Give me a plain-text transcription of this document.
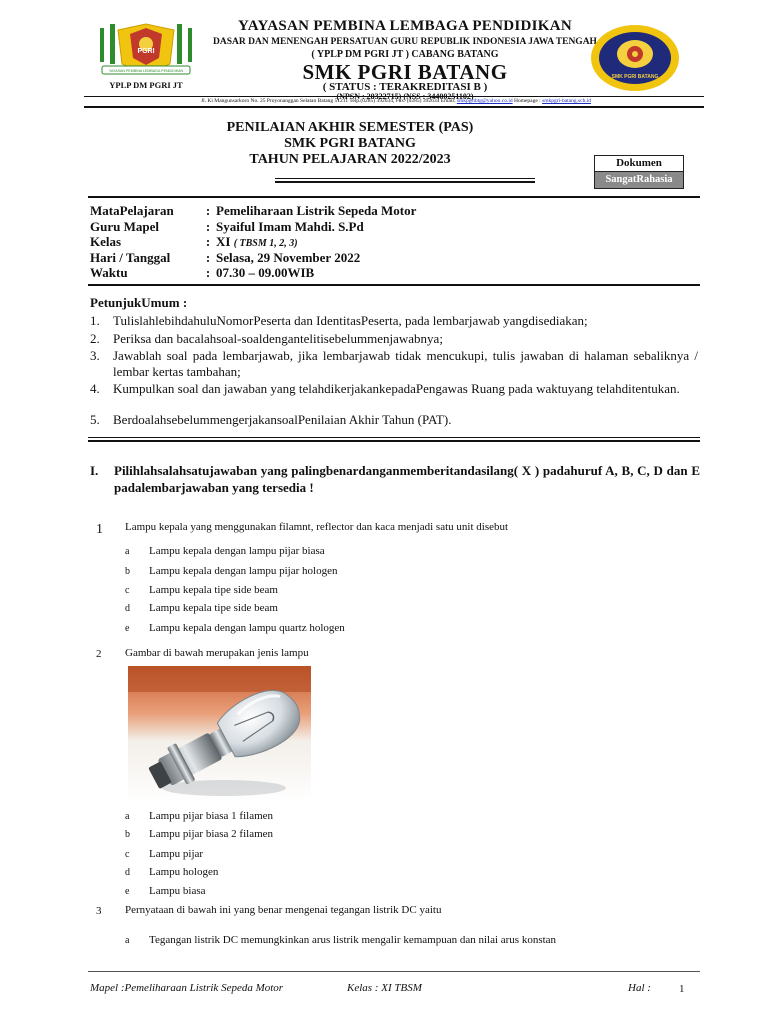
PGRI
YAYASAN PEMBINA LEMBAGA PENDIDIKAN
YPLP DM PGRI JT
YAYASAN PEMBINA LEMBAGA PENDIDIKAN
DASAR DAN MENENGAH PERSATUAN GURU REPUBLIK INDONESIA JAWA TENGAH
( YPLP DM PGRI JT ) CABANG BATANG
SMK PGRI BATANG
( STATUS : TERAKREDITASI B )
SMK PGRI BATANG
Jl. Ki Mangunsarkoro No. 25 Proyonanggan Selatan Batang 51211 Telp.(0285) 392634, Fax: (0285) 392634 Email: smkpgribtg@yahoo.co.id Homepage : smkpgri-batang.sch.id
PENILAIAN AKHIR SEMESTER (PAS)
SMK PGRI BATANG
TAHUN PELAJARAN 2022/2023	Dokumen
SangatRahasia
MataPelajaran	: Pemeliharaan Listrik Sepeda Motor
Guru Mapel	: Syaiful Imam Mahdi. S.Pd
Kelas	: XI ( TBSM 1, 2, 3)
Hari / Tanggal	: Selasa, 29 November 2022
Waktu	: 07.30 – 09.00WIB
PetunjukUmum :
1. TulislahlebihdahuluNomorPeserta dan IdentitasPeserta, pada lembarjawab yangdisediakan;
2. Periksa dan bacalahsoal-soaldengantelitisebelummenjawabnya;
3. Jawablah soal pada lembarjawab, jika lembarjawab tidak mencukupi, tulis jawaban di halaman sebaliknya / lembar kertas tambahan;
4. Kumpulkan soal dan jawaban yang telahdikerjakankepadaPengawas Ruang pada waktuyang telahditentukan.
5. BerdoalahsebelummengerjakansoalPenilaian Akhir Tahun (PAT).
I. Pilihlahsalahsatujawaban yang palingbenardanganmemberitandasilang( X ) padahuruf A, B, C, D dan E padalembarjawaban yang tersedia !
1 Lampu kepala yang menggunakan filamnt, reflector dan kaca menjadi satu unit disebut
a Lampu kepala dengan lampu pijar biasa
b Lampu kepala dengan lampu pijar hologen
c Lampu kepala tipe side beam
d Lampu kepala tipe side beam
e Lampu kepala dengan lampu quartz hologen
2 Gambar di bawah merupakan jenis lampu
a Lampu pijar biasa 1 filamen
b Lampu pijar biasa 2 filamen
c Lampu pijar
d Lampu hologen
e Lampu biasa
3 Pernyataan di bawah ini yang benar mengenai tegangan listrik DC yaitu
a Tegangan listrik DC memungkinkan arus listrik mengalir kemampuan dan nilai arus konstan
Mapel :Pemeliharaan Listrik Sepeda Motor	Kelas : XI TBSM	Hal :	1
